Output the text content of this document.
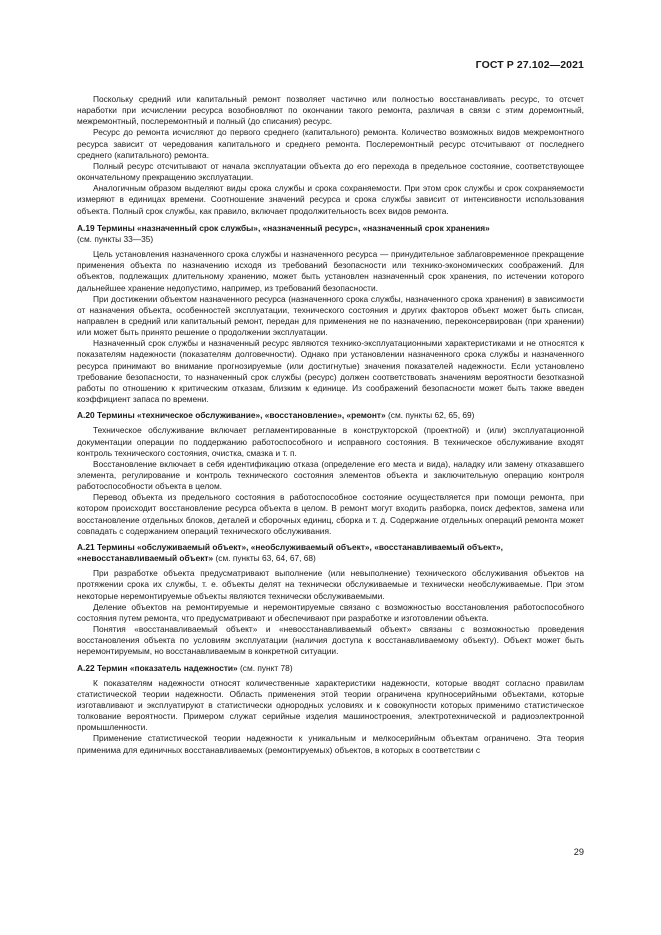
ГОСТ Р 27.102—2021

Поскольку средний или капитальный ремонт позволяет частично или полностью восстанавливать ресурс, то отсчет наработки при исчислении ресурса возобновляют по окончании такого ремонта, различая в связи с этим доремонтный, межремонтный, послеремонтный и полный (до списания) ресурс.

Ресурс до ремонта исчисляют до первого среднего (капитального) ремонта. Количество возможных видов межремонтного ресурса зависит от чередования капитального и среднего ремонта. Послеремонтный ресурс отсчитывают от последнего среднего (капитального) ремонта.

Полный ресурс отсчитывают от начала эксплуатации объекта до его перехода в предельное состояние, соответствующее окончательному прекращению эксплуатации.

Аналогичным образом выделяют виды срока службы и срока сохраняемости. При этом срок службы и срок сохраняемости измеряют в единицах времени. Соотношение значений ресурса и срока службы зависит от интенсивности использования объекта. Полный срок службы, как правило, включает продолжительность всех видов ремонта.

А.19 Термины «назначенный срок службы», «назначенный ресурс», «назначенный срок хранения»
(см. пункты 33—35)

Цель установления назначенного срока службы и назначенного ресурса — принудительное заблаговременное прекращение применения объекта по назначению исходя из требований безопасности или технико-экономических соображений. Для объектов, подлежащих длительному хранению, может быть установлен назначенный срок хранения, по истечении которого дальнейшее хранение недопустимо, например, из требований безопасности.

При достижении объектом назначенного ресурса (назначенного срока службы, назначенного срока хранения) в зависимости от назначения объекта, особенностей эксплуатации, технического состояния и других факторов объект может быть списан, направлен в средний или капитальный ремонт, передан для применения не по назначению, переконсервирован (при хранении) или может быть принято решение о продолжении эксплуатации.

Назначенный срок службы и назначенный ресурс являются технико-эксплуатационными характеристиками и не относятся к показателям надежности (показателям долговечности). Однако при установлении назначенного срока службы и назначенного ресурса принимают во внимание прогнозируемые (или достигнутые) значения показателей надежности. Если установлено требование безопасности, то назначенный срок службы (ресурс) должен соответствовать значениям вероятности безотказной работы по отношению к критическим отказам, близким к единице. Из соображений безопасности может быть также введен коэффициент запаса по времени.

А.20 Термины «техническое обслуживание», «восстановление», «ремонт» (см. пункты 62, 65, 69)

Техническое обслуживание включает регламентированные в конструкторской (проектной) и (или) эксплуатационной документации операции по поддержанию работоспособного и исправного состояния. В техническое обслуживание входят контроль технического состояния, очистка, смазка и т. п.

Восстановление включает в себя идентификацию отказа (определение его места и вида), наладку или замену отказавшего элемента, регулирование и контроль технического состояния элементов объекта и заключительную операцию контроля работоспособности объекта в целом.

Перевод объекта из предельного состояния в работоспособное состояние осуществляется при помощи ремонта, при котором происходит восстановление ресурса объекта в целом. В ремонт могут входить разборка, поиск дефектов, замена или восстановление отдельных блоков, деталей и сборочных единиц, сборка и т. д. Содержание отдельных операций ремонта может совпадать с содержанием операций технического обслуживания.

А.21 Термины «обслуживаемый объект», «необслуживаемый объект», «восстанавливаемый объект», «невосстанавливаемый объект» (см. пункты 63, 64, 67, 68)

При разработке объекта предусматривают выполнение (или невыполнение) технического обслуживания объектов на протяжении срока их службы, т. е. объекты делят на технически обслуживаемые и технически необслуживаемые. При этом некоторые неремонтируемые объекты являются технически обслуживаемыми.

Деление объектов на ремонтируемые и неремонтируемые связано с возможностью восстановления работоспособного состояния путем ремонта, что предусматривают и обеспечивают при разработке и изготовлении объекта.

Понятия «восстанавливаемый объект» и «невосстанавливаемый объект» связаны с возможностью проведения восстановления объекта по условиям эксплуатации (наличия доступа к восстанавливаемому объекту). Объект может быть неремонтируемым, но восстанавливаемым в конкретной ситуации.

А.22 Термин «показатель надежности» (см. пункт 78)

К показателям надежности относят количественные характеристики надежности, которые вводят согласно правилам статистической теории надежности. Область применения этой теории ограничена крупносерийными объектами, которые изготавливают и эксплуатируют в статистически однородных условиях и к совокупности которых применимо статистическое толкование вероятности. Примером служат серийные изделия машиностроения, электротехнической и радиоэлектронной промышленности.

Применение статистической теории надежности к уникальным и мелкосерийным объектам ограничено. Эта теория применима для единичных восстанавливаемых (ремонтируемых) объектов, в которых в соответствии с

29
